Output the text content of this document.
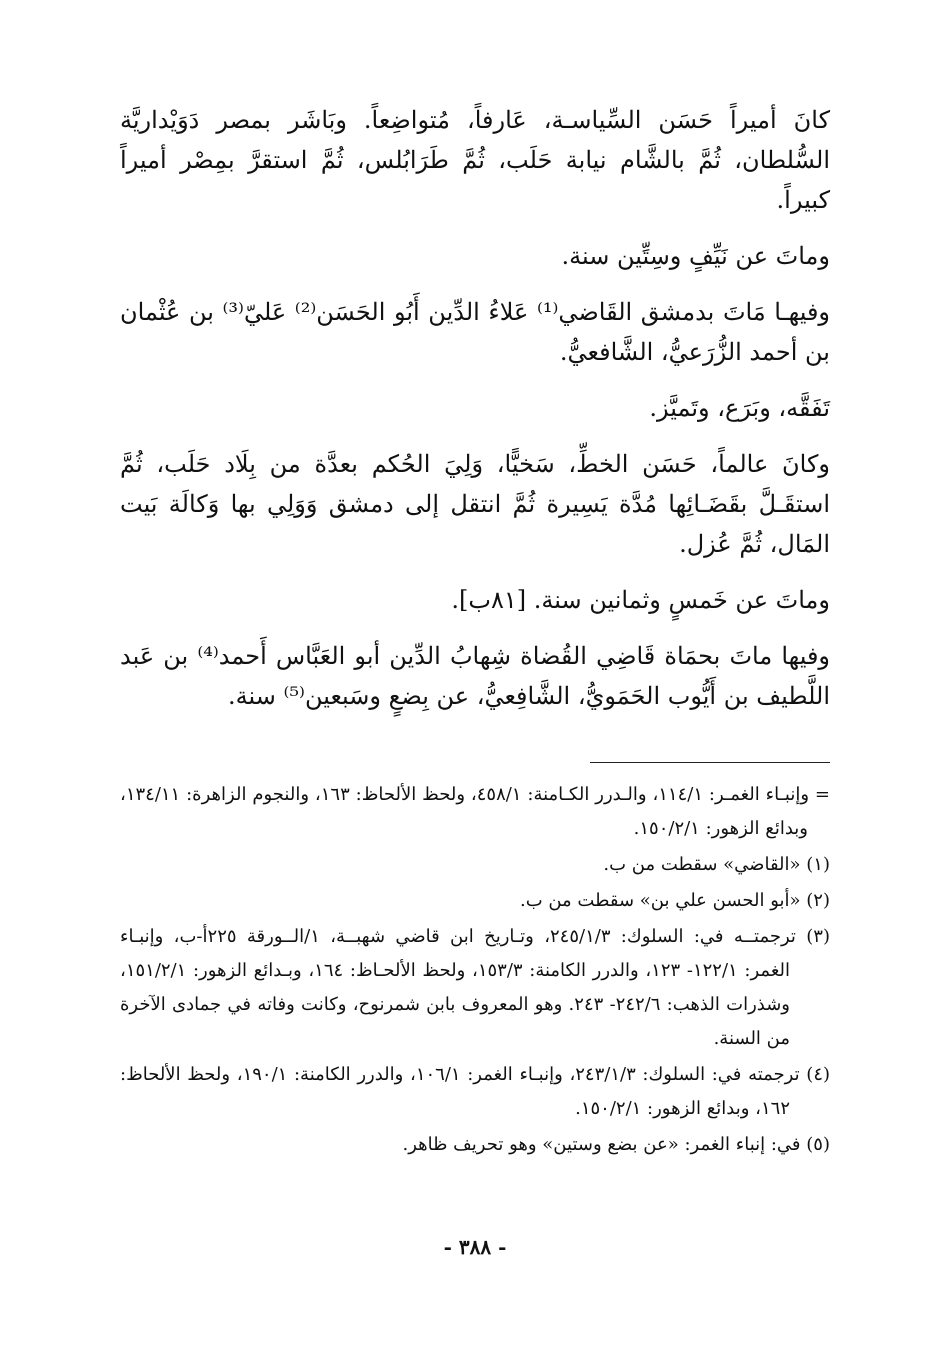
كانَ أميراً حَسَن السِّياسـة، عَارفاً، مُتواضِعاً. وبَاشَر بمصر دَوَيْداريَّة السُّلطان، ثُمَّ بالشَّام نيابة حَلَب، ثُمَّ طَرَابُلس، ثُمَّ استقرَّ بمِصْر أميراً كبيراً.

وماتَ عن نَيِّفٍ وسِتِّين سنة.

وفيهـا مَاتَ بدمشق القَاضي⁽¹⁾ عَلاءُ الدِّين أَبُو الحَسَن⁽²⁾ عَليّ⁽³⁾ بن عُثْمان بن أحمد الزُّرَعيُّ، الشَّافعيُّ.

تَفَقَّه، وبَرَع، وتَميَّز.

وكانَ عالماً، حَسَن الخطِّ، سَخيًّا، وَلِيَ الحُكم بعدَّة من بِلَاد حَلَب، ثُمَّ استقَـلَّ بقَضَـائِها مُدَّة يَسِيرة ثُمَّ انتقل إلى دمشق وَوَلِي بها وَكالَة بَيت المَال، ثُمَّ عُزل.

وماتَ عن خَمسٍ وثمانين سنة. [٨١ب].

وفيها ماتَ بحمَاة قَاضِي القُضاة شِهابُ الدِّين أبو العَبَّاس أَحمد⁽⁴⁾ بن عَبد اللَّطيف بن أَيُّوب الحَمَويُّ، الشَّافِعيُّ، عن بِضعٍ وسَبعين⁽⁵⁾ سنة.

= وإنبـاء الغمـر: ١١٤/١، والـدرر الكـامنة: ٤٥٨/١، ولحظ الألحاظ: ١٦٣، والنجوم الزاهرة: ١٣٤/١١، وبدائع الزهور: ١٥٠/٢/١.

(١) «القاضي» سقطت من ب.

(٢) «أبو الحسن علي بن» سقطت من ب.

(٣) ترجمتــه في: السلوك: ٢٤٥/١/٣، وتـاريخ ابن قاضي شهبــة، ١/الــورقة ٢٢٥أ-ب، وإنبـاء الغمر: ١٢٢/١- ١٢٣، والدرر الكامنة: ١٥٣/٣، ولحظ الألحـاظ: ١٦٤، وبـدائع الزهور: ١٥١/٢/١، وشذرات الذهب: ٢٤٢/٦- ٢٤٣. وهو المعروف بابن شمرنوح، وكانت وفاته في جمادى الآخرة من السنة.

(٤) ترجمته في: السلوك: ٢٤٣/١/٣، وإنبـاء الغمر: ١٠٦/١، والدرر الكامنة: ١٩٠/١، ولحظ الألحاظ: ١٦٢، وبدائع الزهور: ١٥٠/٢/١.

(٥) في: إنباء الغمر: «عن بضع وستين» وهو تحريف ظاهر.

- ٣٨٨ -
